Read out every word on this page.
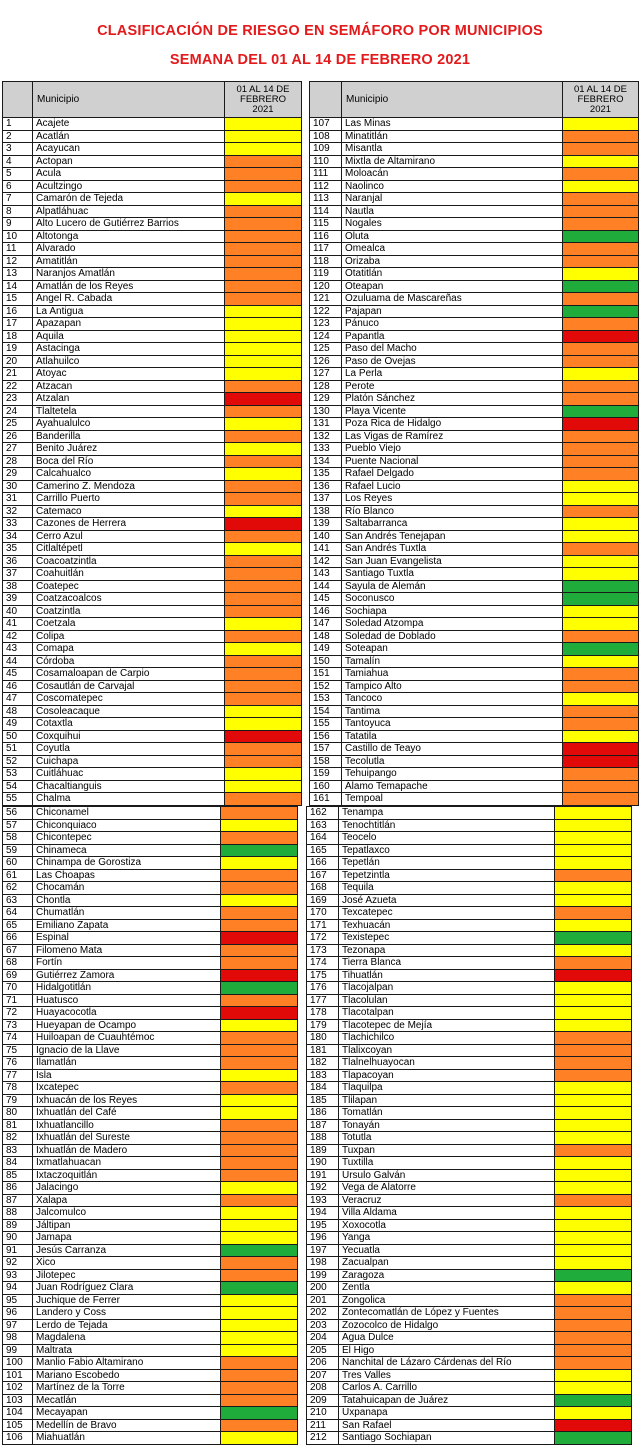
CLASIFICACIÓN DE RIESGO EN SEMÁFORO POR MUNICIPIOS
SEMANA DEL 01 AL 14 DE FEBRERO 2021
	Municipio	01 AL 14 DE
FEBRERO
2021
1	Acajete	
2	Acatlán	
3	Acayucan	
4	Actopan	
5	Acula	
6	Acultzingo	
7	Camarón de Tejeda	
8	Alpatláhuac	
9	Alto Lucero de Gutiérrez Barrios	
10	Altotonga	
11	Alvarado	
12	Amatitlán	
13	Naranjos Amatlán	
14	Amatlán de los Reyes	
15	Angel R. Cabada	
16	La Antigua	
17	Apazapan	
18	Aquila	
19	Astacinga	
20	Atlahuilco	
21	Atoyac	
22	Atzacan	
23	Atzalan	
24	Tlaltetela	
25	Ayahualulco	
26	Banderilla	
27	Benito Juárez	
28	Boca del Río	
29	Calcahualco	
30	Camerino Z. Mendoza	
31	Carrillo Puerto	
32	Catemaco	
33	Cazones de Herrera	
34	Cerro Azul	
35	Citlaltépetl	
36	Coacoatzintla	
37	Coahuitlán	
38	Coatepec	
39	Coatzacoalcos	
40	Coatzintla	
41	Coetzala	
42	Colipa	
43	Comapa	
44	Córdoba	
45	Cosamaloapan de Carpio	
46	Cosautlán de Carvajal	
47	Coscomatepec	
48	Cosoleacaque	
49	Cotaxtla	
50	Coxquihui	
51	Coyutla	
52	Cuichapa	
53	Cuitláhuac	
54	Chacaltianguis	
55	Chalma	
	Municipio	01 AL 14 DE
FEBRERO
2021
107	Las Minas	
108	Minatitlán	
109	Misantla	
110	Mixtla de Altamirano	
111	Moloacán	
112	Naolinco	
113	Naranjal	
114	Nautla	
115	Nogales	
116	Oluta	
117	Omealca	
118	Orizaba	
119	Otatitlán	
120	Oteapan	
121	Ozuluama de Mascareñas	
122	Pajapan	
123	Pánuco	
124	Papantla	
125	Paso del Macho	
126	Paso de Ovejas	
127	La Perla	
128	Perote	
129	Platón Sánchez	
130	Playa Vicente	
131	Poza Rica de Hidalgo	
132	Las Vigas de Ramírez	
133	Pueblo Viejo	
134	Puente Nacional	
135	Rafael Delgado	
136	Rafael Lucio	
137	Los Reyes	
138	Río Blanco	
139	Saltabarranca	
140	San Andrés Tenejapan	
141	San Andrés Tuxtla	
142	San Juan Evangelista	
143	Santiago Tuxtla	
144	Sayula de Alemán	
145	Soconusco	
146	Sochiapa	
147	Soledad Atzompa	
148	Soledad de Doblado	
149	Soteapan	
150	Tamalín	
151	Tamiahua	
152	Tampico Alto	
153	Tancoco	
154	Tantima	
155	Tantoyuca	
156	Tatatila	
157	Castillo de Teayo	
158	Tecolutla	
159	Tehuipango	
160	Álamo Temapache	
161	Tempoal	
56	Chiconamel	
57	Chiconquiaco	
58	Chicontepec	
59	Chinameca	
60	Chinampa de Gorostiza	
61	Las Choapas	
62	Chocamán	
63	Chontla	
64	Chumatlán	
65	Emiliano Zapata	
66	Espinal	
67	Filomeno Mata	
68	Fortín	
69	Gutiérrez Zamora	
70	Hidalgotitlán	
71	Huatusco	
72	Huayacocotla	
73	Hueyapan de Ocampo	
74	Huiloapan de Cuauhtémoc	
75	Ignacio de la Llave	
76	Ilamatlán	
77	Isla	
78	Ixcatepec	
79	Ixhuacán de los Reyes	
80	Ixhuatlán del Café	
81	Ixhuatlancillo	
82	Ixhuatlán del Sureste	
83	Ixhuatlán de Madero	
84	Ixmatlahuacan	
85	Ixtaczoquitlán	
86	Jalacingo	
87	Xalapa	
88	Jalcomulco	
89	Jáltipan	
90	Jamapa	
91	Jesús Carranza	
92	Xico	
93	Jilotepec	
94	Juan Rodríguez Clara	
95	Juchique de Ferrer	
96	Landero y Coss	
97	Lerdo de Tejada	
98	Magdalena	
99	Maltrata	
100	Manlio Fabio Altamirano	
101	Mariano Escobedo	
102	Martínez de la Torre	
103	Mecatlán	
104	Mecayapan	
105	Medellín de Bravo	
106	Miahuatlán	
162	Tenampa	
163	Tenochtitlán	
164	Teocelo	
165	Tepatlaxco	
166	Tepetlán	
167	Tepetzintla	
168	Tequila	
169	José Azueta	
170	Texcatepec	
171	Texhuacán	
172	Texistepec	
173	Tezonapa	
174	Tierra Blanca	
175	Tihuatlán	
176	Tlacojalpan	
177	Tlacolulan	
178	Tlacotalpan	
179	Tlacotepec de Mejía	
180	Tlachichilco	
181	Tlalixcoyan	
182	Tlalnelhuayocan	
183	Tlapacoyan	
184	Tlaquilpa	
185	Tlilapan	
186	Tomatlán	
187	Tonayán	
188	Totutla	
189	Tuxpan	
190	Tuxtilla	
191	Ursulo Galván	
192	Vega de Alatorre	
193	Veracruz	
194	Villa Aldama	
195	Xoxocotla	
196	Yanga	
197	Yecuatla	
198	Zacualpan	
199	Zaragoza	
200	Zentla	
201	Zongolica	
202	Zontecomatlán de López y Fuentes	
203	Zozocolco de Hidalgo	
204	Agua Dulce	
205	El Higo	
206	Nanchital de Lázaro Cárdenas del Río	
207	Tres Valles	
208	Carlos A. Carrillo	
209	Tatahuicapan de Juárez	
210	Uxpanapa	
211	San Rafael	
212	Santiago Sochiapan	
